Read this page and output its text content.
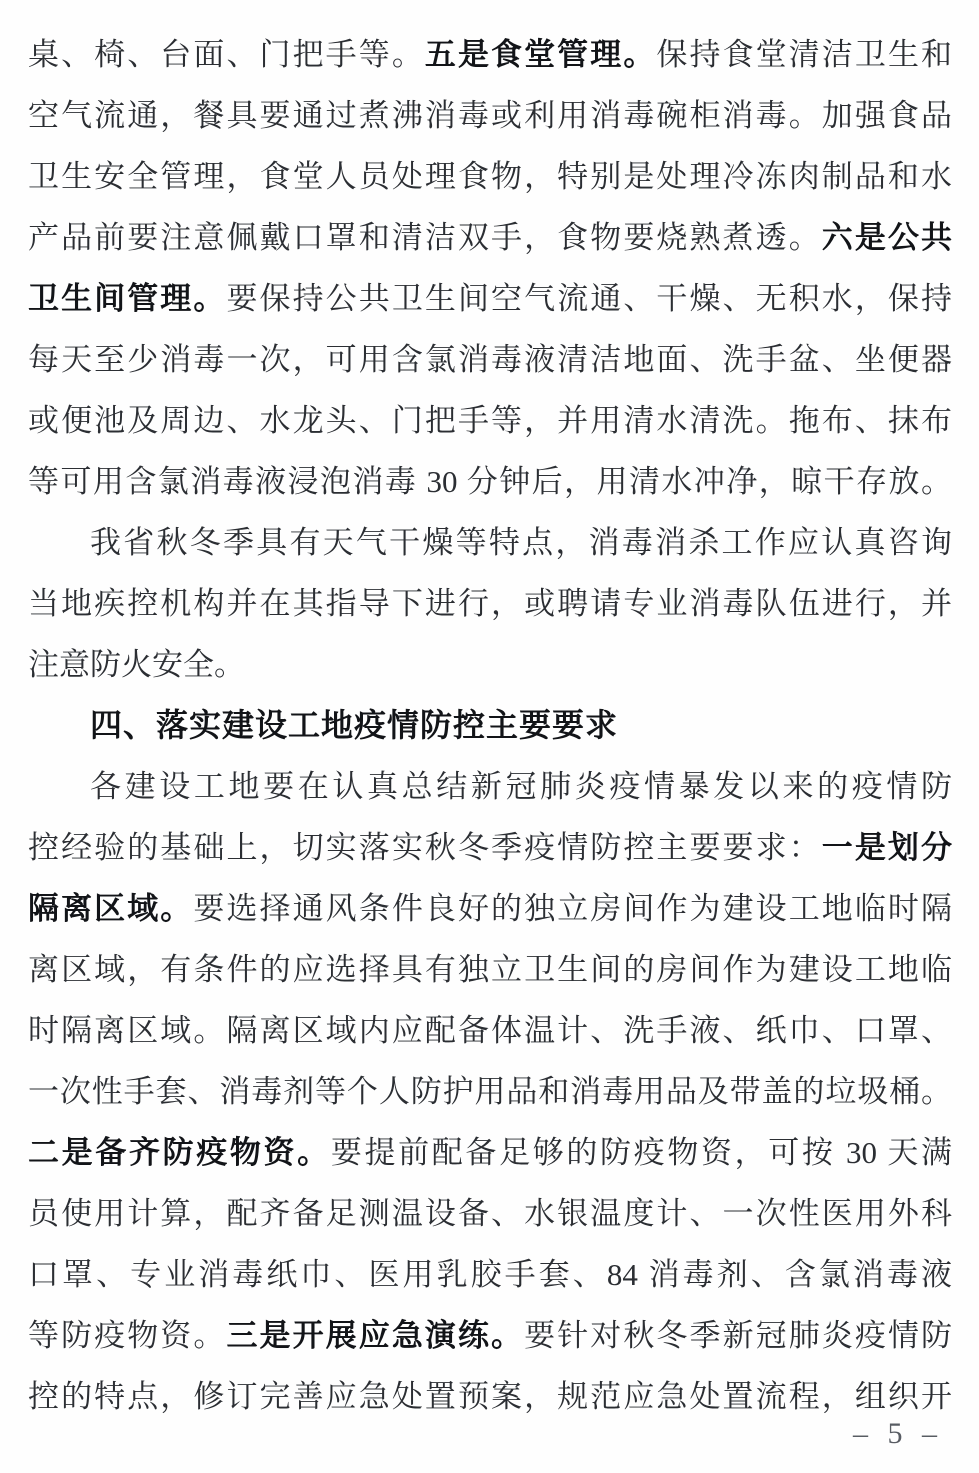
桌、椅、台面、门把手等。五是食堂管理。保持食堂清洁卫生和
空气流通，餐具要通过煮沸消毒或利用消毒碗柜消毒。加强食品
卫生安全管理，食堂人员处理食物，特别是处理冷冻肉制品和水
产品前要注意佩戴口罩和清洁双手，食物要烧熟煮透。六是公共
卫生间管理。要保持公共卫生间空气流通、干燥、无积水，保持
每天至少消毒一次，可用含氯消毒液清洁地面、洗手盆、坐便器
或便池及周边、水龙头、门把手等，并用清水清洗。拖布、抹布
等可用含氯消毒液浸泡消毒 30 分钟后，用清水冲净，晾干存放。
我省秋冬季具有天气干燥等特点，消毒消杀工作应认真咨询
当地疾控机构并在其指导下进行，或聘请专业消毒队伍进行，并
注意防火安全。
四、落实建设工地疫情防控主要要求
各建设工地要在认真总结新冠肺炎疫情暴发以来的疫情防
控经验的基础上，切实落实秋冬季疫情防控主要要求：一是划分
隔离区域。要选择通风条件良好的独立房间作为建设工地临时隔
离区域，有条件的应选择具有独立卫生间的房间作为建设工地临
时隔离区域。隔离区域内应配备体温计、洗手液、纸巾、口罩、
一次性手套、消毒剂等个人防护用品和消毒用品及带盖的垃圾桶。
二是备齐防疫物资。要提前配备足够的防疫物资，可按 30 天满
员使用计算，配齐备足测温设备、水银温度计、一次性医用外科
口罩、专业消毒纸巾、医用乳胶手套、84 消毒剂、含氯消毒液
等防疫物资。三是开展应急演练。要针对秋冬季新冠肺炎疫情防
控的特点，修订完善应急处置预案，规范应急处置流程，组织开
– 5 –
